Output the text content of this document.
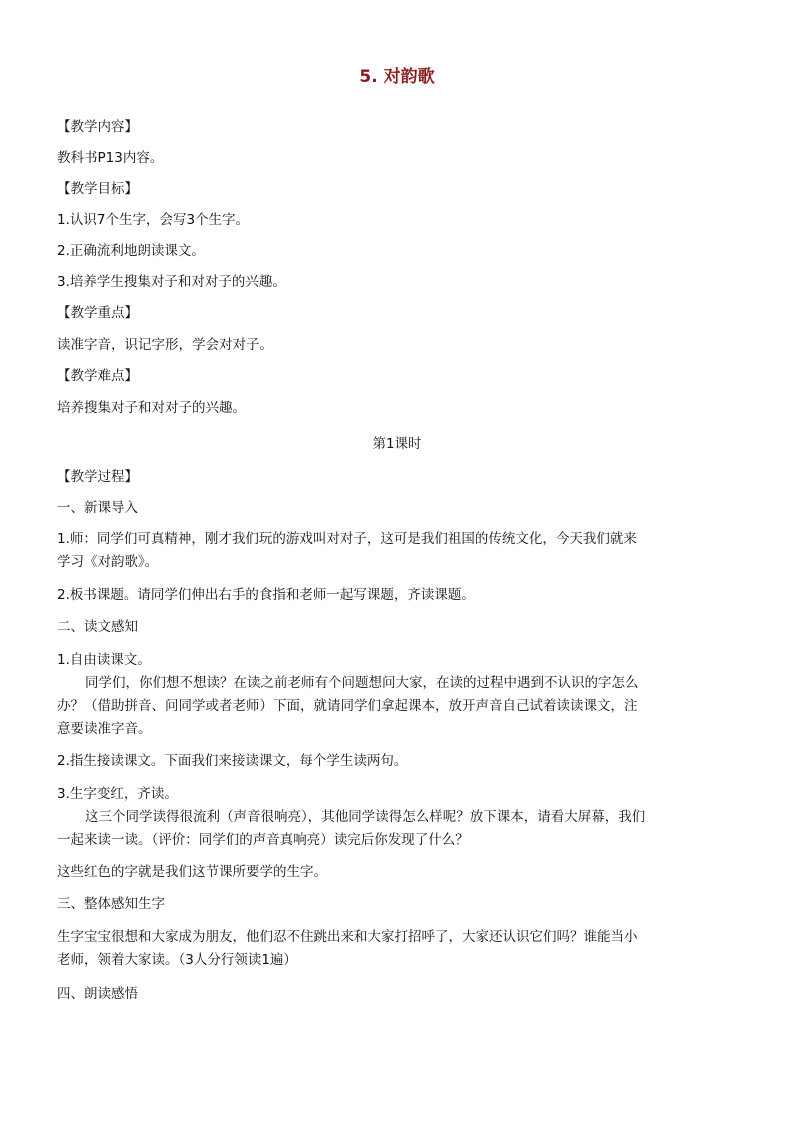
5. 对韵歌
【教学内容】
教科书P13内容。
【教学目标】
1.认识7个生字，会写3个生字。
2.正确流利地朗读课文。
3.培养学生搜集对子和对对子的兴趣。
【教学重点】
读准字音，识记字形，学会对对子。
【教学难点】
培养搜集对子和对对子的兴趣。
第1课时
【教学过程】
一、新课导入
1.师：同学们可真精神，刚才我们玩的游戏叫对对子，这可是我们祖国的传统文化，今天我们就来
学习《对韵歌》。
2.板书课题。请同学们伸出右手的食指和老师一起写课题，齐读课题。
二、读文感知
1.自由读课文。
同学们，你们想不想读？在读之前老师有个问题想问大家，在读的过程中遇到不认识的字怎么
办？（借助拼音、问同学或者老师）下面，就请同学们拿起课本，放开声音自己试着读读课文，注
意要读准字音。
2.指生接读课文。下面我们来接读课文，每个学生读两句。
3.生字变红，齐读。
这三个同学读得很流利（声音很响亮），其他同学读得怎么样呢？放下课本，请看大屏幕，我们
一起来读一读。（评价：同学们的声音真响亮）读完后你发现了什么？
这些红色的字就是我们这节课所要学的生字。
三、整体感知生字
生字宝宝很想和大家成为朋友，他们忍不住跳出来和大家打招呼了，大家还认识它们吗？谁能当小
老师，领着大家读。（3人分行领读1遍）
四、朗读感悟
